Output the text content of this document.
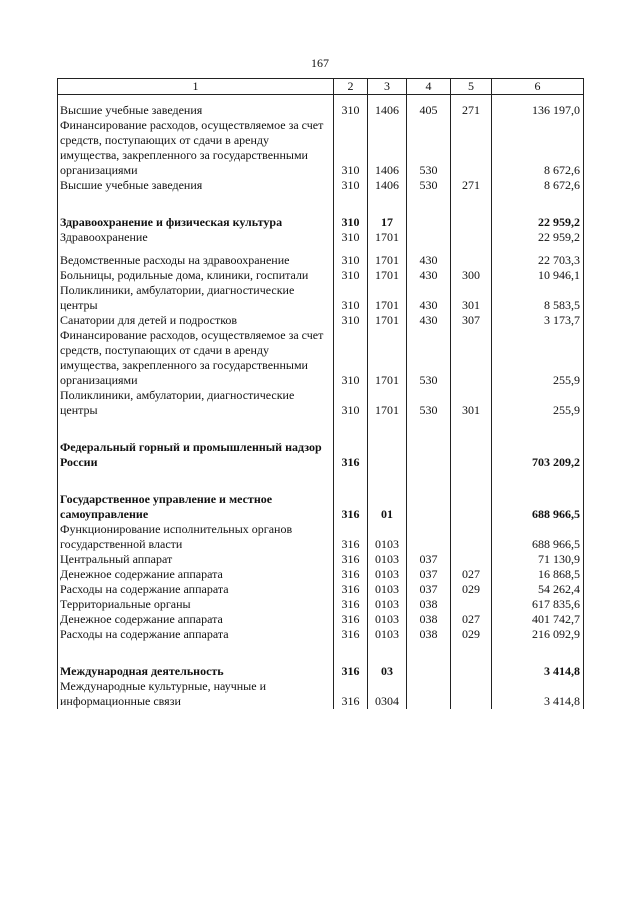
167
1	2	3	4	5	6

Высшие учебные заведения	310	1406	405	271	136 197,0
Финансирование расходов, осуществляемое за счет средств, поступающих от сдачи в аренду имущества, закрепленного за государственными организациями	310	1406	530		8 672,6
Высшие учебные заведения	310	1406	530	271	8 672,6

Здравоохранение и физическая культура	310	17			22 959,2
Здравоохранение	310	1701			22 959,2

Ведомственные расходы на здравоохранение	310	1701	430		22 703,3
Больницы, родильные дома, клиники, госпитали	310	1701	430	300	10 946,1
Поликлиники, амбулатории, диагностические центры	310	1701	430	301	8 583,5
Санатории для детей и подростков	310	1701	430	307	3 173,7
Финансирование расходов, осуществляемое за счет средств, поступающих от сдачи в аренду имущества, закрепленного за государственными организациями	310	1701	530		255,9
Поликлиники, амбулатории, диагностические центры	310	1701	530	301	255,9

Федеральный горный и промышленный надзор России	316				703 209,2

Государственное управление и местное самоуправление	316	01			688 966,5
Функционирование исполнительных органов государственной власти	316	0103			688 966,5
Центральный аппарат	316	0103	037		71 130,9
Денежное содержание аппарата	316	0103	037	027	16 868,5
Расходы на содержание аппарата	316	0103	037	029	54 262,4
Территориальные органы	316	0103	038		617 835,6
Денежное содержание аппарата	316	0103	038	027	401 742,7
Расходы на содержание аппарата	316	0103	038	029	216 092,9

Международная деятельность	316	03			3 414,8
Международные культурные, научные и информационные связи	316	0304			3 414,8
